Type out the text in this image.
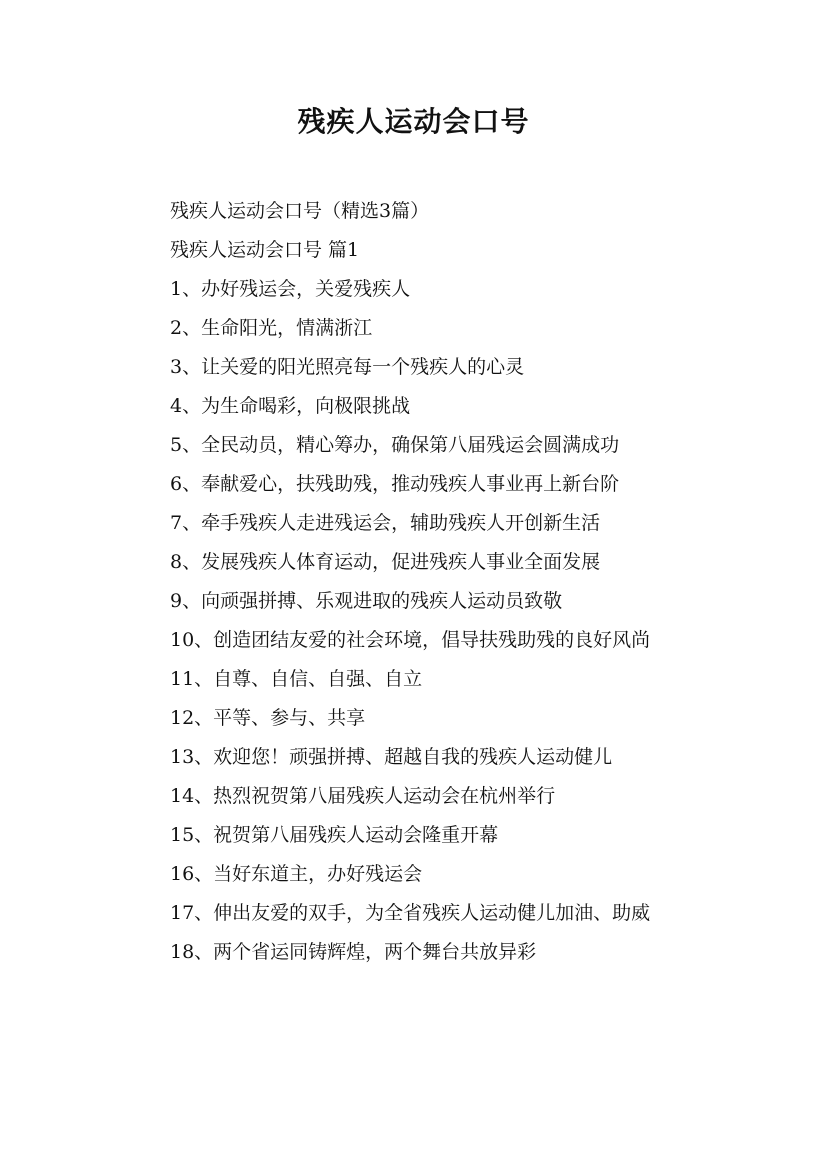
残疾人运动会口号

残疾人运动会口号（精选3篇）

残疾人运动会口号 篇1

1、办好残运会，关爱残疾人

2、生命阳光，情满浙江

3、让关爱的阳光照亮每一个残疾人的心灵

4、为生命喝彩，向极限挑战

5、全民动员，精心筹办，确保第八届残运会圆满成功

6、奉献爱心，扶残助残，推动残疾人事业再上新台阶

7、牵手残疾人走进残运会，辅助残疾人开创新生活

8、发展残疾人体育运动，促进残疾人事业全面发展

9、向顽强拼搏、乐观进取的残疾人运动员致敬

10、创造团结友爱的社会环境，倡导扶残助残的良好风尚

11、自尊、自信、自强、自立

12、平等、参与、共享

13、欢迎您！顽强拼搏、超越自我的残疾人运动健儿

14、热烈祝贺第八届残疾人运动会在杭州举行

15、祝贺第八届残疾人运动会隆重开幕

16、当好东道主，办好残运会

17、伸出友爱的双手，为全省残疾人运动健儿加油、助威

18、两个省运同铸辉煌，两个舞台共放异彩
